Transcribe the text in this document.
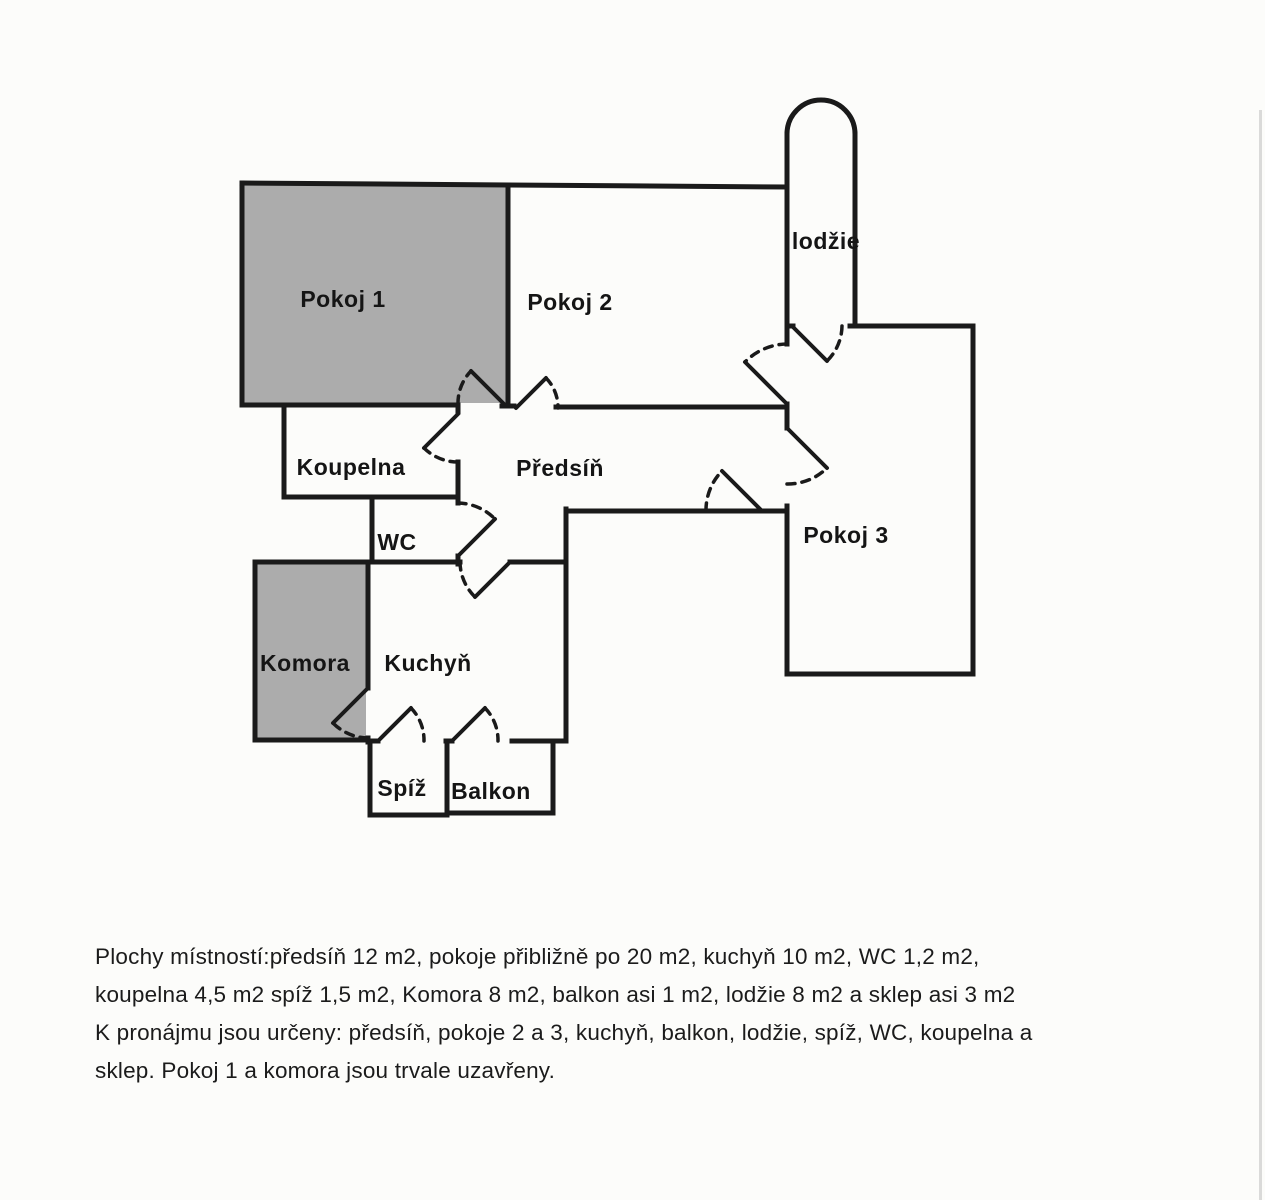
Pokoj 1	Pokoj 2
lodžie
Pokoj 3
Koupelna	Předsíň
WC
Komora Kuchyň
Spíž Balkon
Plochy místností:předsíň 12 m2, pokoje přibližně po 20 m2, kuchyň 10 m2, WC 1,2 m2,
koupelna 4,5 m2 spíž 1,5 m2, Komora 8 m2, balkon asi 1 m2, lodžie 8 m2 a sklep asi 3 m2
K pronájmu jsou určeny: předsíň, pokoje 2 a 3, kuchyň, balkon, lodžie, spíž, WC, koupelna a
sklep. Pokoj 1 a komora jsou trvale uzavřeny.
